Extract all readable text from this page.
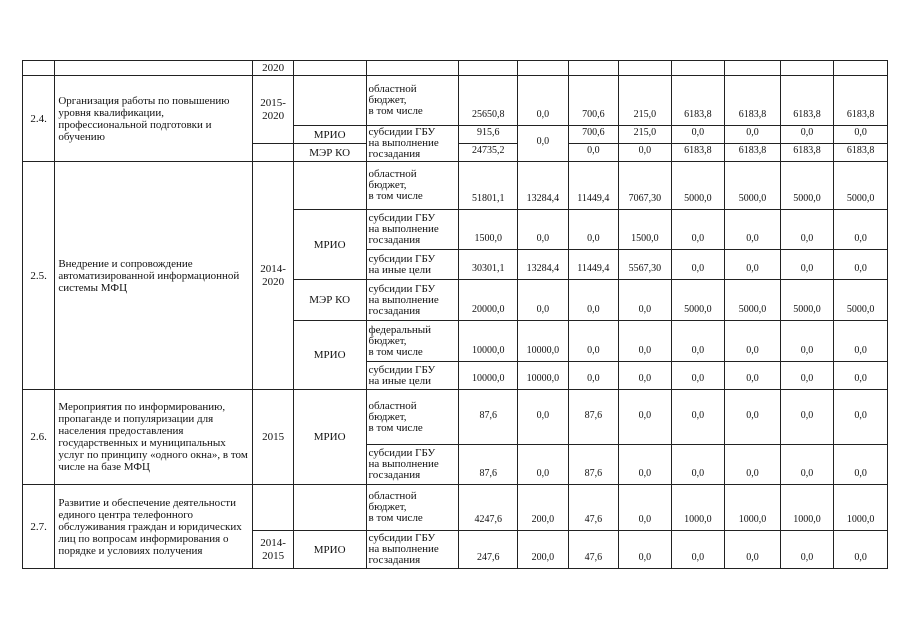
		2020										
2.4.	Организация работы по повышению уровня квалификации, профессиональной подготовки и обучению	2015-
2020		областной
бюджет,
в том числе	25650,8	0,0	700,6	215,0	6183,8	6183,8	6183,8	6183,8
			МРИО	субсидии ГБУ
на выполнение
госзадания	915,6	0,0	700,6	215,0	0,0	0,0	0,0	0,0
			МЭР КО		24735,2		0,0	0,0	6183,8	6183,8	6183,8	6183,8
2.5.	Внедрение и сопровождение автоматизированной информационной системы МФЦ	2014-
2020		областной
бюджет,
в том числе	51801,1	13284,4	11449,4	7067,30	5000,0	5000,0	5000,0	5000,0
			МРИО	субсидии ГБУ
на выполнение
госзадания	1500,0	0,0	0,0	1500,0	0,0	0,0	0,0	0,0
				субсидии ГБУ
на иные цели	30301,1	13284,4	11449,4	5567,30	0,0	0,0	0,0	0,0
			МЭР КО	субсидии ГБУ
на выполнение
госзадания	20000,0	0,0	0,0	0,0	5000,0	5000,0	5000,0	5000,0
			МРИО	федеральный
бюджет,
в том числе	10000,0	10000,0	0,0	0,0	0,0	0,0	0,0	0,0
				субсидии ГБУ
на иные цели	10000,0	10000,0	0,0	0,0	0,0	0,0	0,0	0,0
2.6.	Мероприятия по информированию, пропаганде и популяризации для населения предоставления государственных и муниципальных услуг по принципу «одного окна», в том числе на базе МФЦ	2015	МРИО	областной
бюджет,
в том числе	87,6	0,0	87,6	0,0	0,0	0,0	0,0	0,0
				субсидии ГБУ
на выполнение
госзадания	87,6	0,0	87,6	0,0	0,0	0,0	0,0	0,0
2.7.	Развитие и обеспечение деятельности единого центра телефонного обслуживания граждан и юридических лиц по вопросам информирования о порядке и условиях получения			областной
бюджет,
в том числе	4247,6	200,0	47,6	0,0	1000,0	1000,0	1000,0	1000,0
		2014-
2015	МРИО	субсидии ГБУ
на выполнение
госзадания	247,6	200,0	47,6	0,0	0,0	0,0	0,0	0,0
